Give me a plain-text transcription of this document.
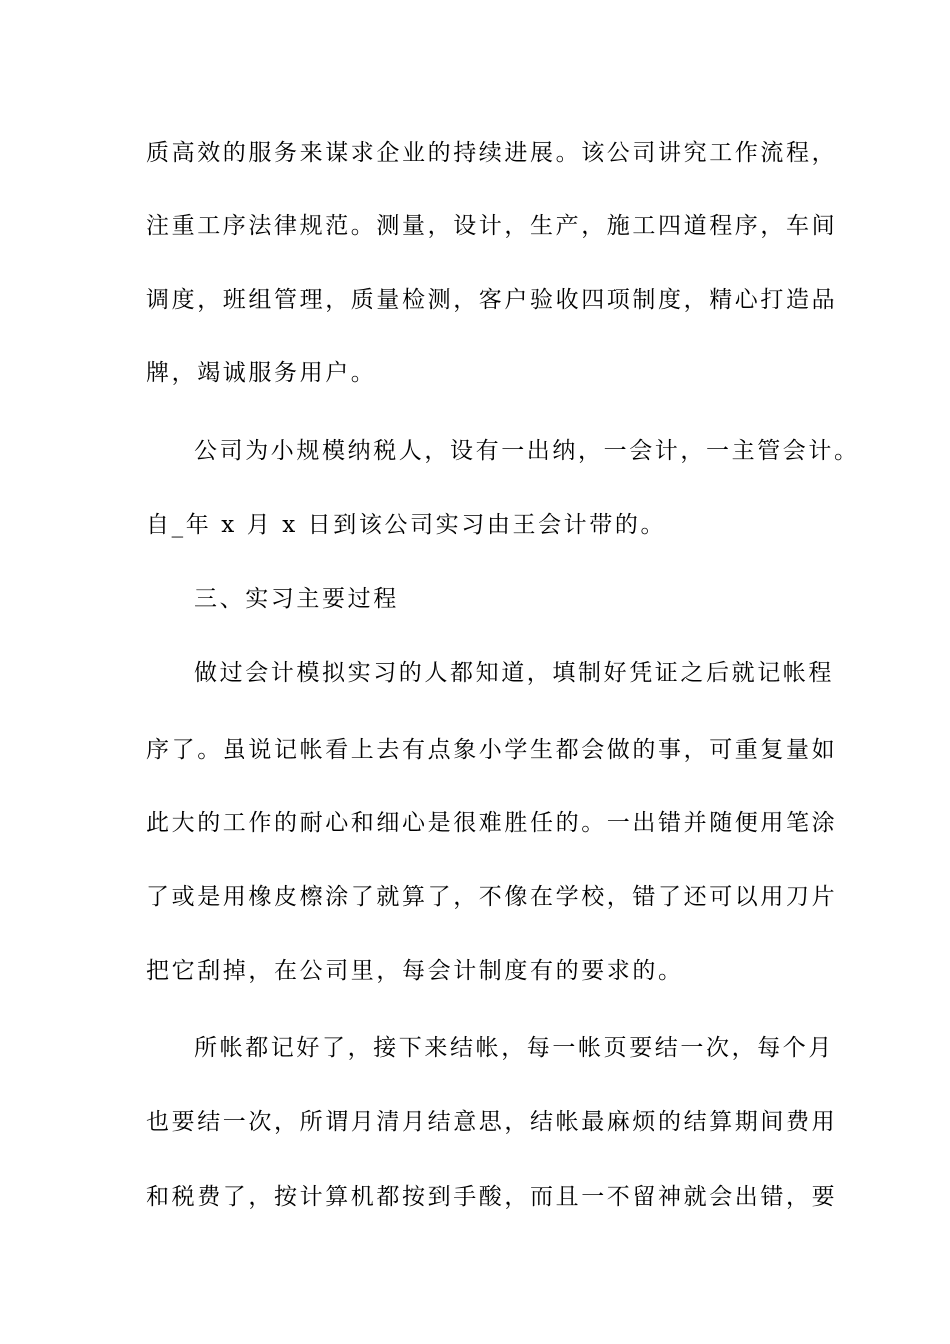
质高效的服务来谋求企业的持续进展。该公司讲究工作流程，
注重工序法律规范。测量，设计，生产，施工四道程序，车间
调度，班组管理，质量检测，客户验收四项制度，精心打造品
牌，竭诚服务用户。
公司为小规模纳税人，设有一出纳，一会计，一主管会计。
自_年 x 月 x 日到该公司实习由王会计带的。
三、实习主要过程
做过会计模拟实习的人都知道，填制好凭证之后就记帐程
序了。虽说记帐看上去有点象小学生都会做的事，可重复量如
此大的工作的耐心和细心是很难胜任的。一出错并随便用笔涂
了或是用橡皮檫涂了就算了，不像在学校，错了还可以用刀片
把它刮掉，在公司里，每会计制度有的要求的。
所帐都记好了，接下来结帐，每一帐页要结一次，每个月
也要结一次，所谓月清月结意思，结帐最麻烦的结算期间费用
和税费了，按计算机都按到手酸，而且一不留神就会出错，要
